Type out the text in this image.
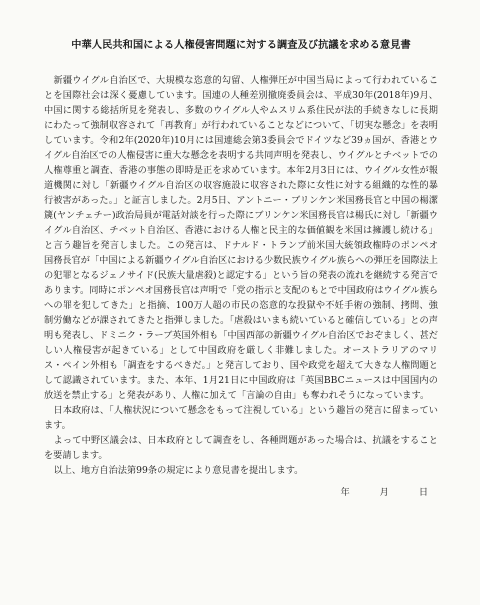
中華人民共和国による人権侵害問題に対する調査及び抗議を求める意見書

新疆ウイグル自治区で、大規模な恣意的勾留、人権弾圧が中国当局によって行われていることを国際社会は深く憂慮しています。国連の人種差別撤廃委員会は、平成30年(2018年)9月、中国に関する総括所見を発表し、多数のウイグル人やムスリム系住民が法的手続きなしに長期にわたって強制収容されて「再教育」が行われていることなどについて、「切実な懸念」を表明しています。令和2年(2020年)10月には国連総会第3委員会でドイツなど39ヵ国が、香港とウイグル自治区での人権侵害に重大な懸念を表明する共同声明を発表し、ウイグルとチベットでの人権尊重と調査、香港の事態の即時是正を求めています。本年2月3日には、ウイグル女性が報道機関に対し「新疆ウイグル自治区の収容施設に収容された際に女性に対する組織的な性的暴行被害があった。」と証言しました。2月5日、アントニー・ブリンケン米国務長官と中国の楊潔篪(ヤンチェチー)政治局員が電話対談を行った際にブリンケン米国務長官は楊氏に対し「新疆ウイグル自治区、チベット自治区、香港における人権と民主的な価値観を米国は擁護し続ける」と言う趣旨を発言しました。この発言は、ドナルド・トランプ前米国大統領政権時のポンペオ国務長官が「中国による新疆ウイグル自治区における少数民族ウイグル族らへの弾圧を国際法上の犯罪となるジェノサイド(民族大量虐殺)と認定する」という旨の発表の流れを継続する発言であります。同時にポンペオ国務長官は声明で「党の指示と支配のもとで中国政府はウイグル族らへの罪を犯してきた」と指摘、100万人超の市民の恣意的な投獄や不妊手術の強制、拷問、強制労働などが課されてきたと指弾しました。「虐殺はいまも続いていると確信している」との声明も発表し、ドミニク・ラーブ英国外相も「中国西部の新疆ウイグル自治区でおぞましく、甚だしい人権侵害が起きている」として中国政府を厳しく非難しました。オーストラリアのマリス・ペイン外相も「調査をするべきだ。」と発言しており、国や政党を超えて大きな人権問題として認識されています。また、本年、1月21日に中国政府は「英国BBCニュースは中国国内の放送を禁止する」と発表があり、人権に加えて「言論の自由」も奪われそうになっています。

日本政府は、「人権状況について懸念をもって注視している」という趣旨の発言に留まっています。

よって中野区議会は、日本政府として調査をし、各種問題があった場合は、抗議をすることを要請します。

以上、地方自治法第99条の規定により意見書を提出します。

年	月	日
